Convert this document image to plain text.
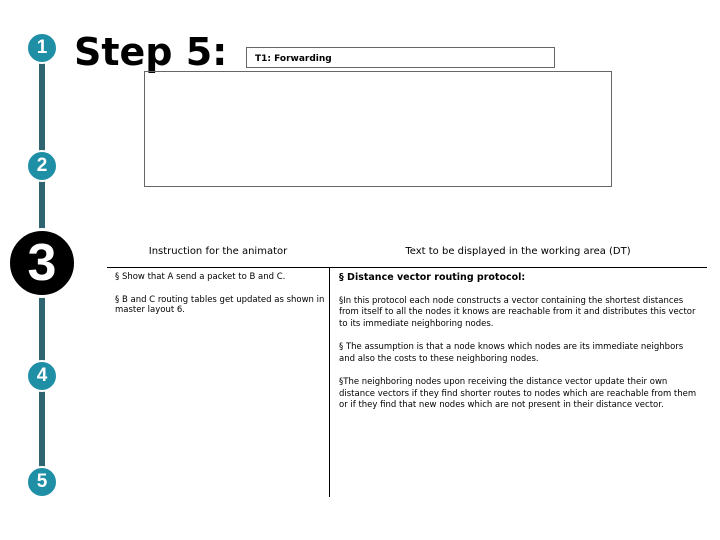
1
2
3
4
5
Step 5:	T1: Forwarding
Instruction for the animator	Text to be displayed in the working area (DT)
§ Show that A send a packet to B and C.
§ B and C routing tables get updated as shown in master layout 6.
§ Distance vector routing protocol:
§In this protocol each node constructs a vector containing the shortest distances from itself to all the nodes it knows are reachable from it and distributes this vector to its immediate neighboring nodes.
§ The assumption is that a node knows which nodes are its immediate neighbors and also the costs to these neighboring nodes.
§The neighboring nodes upon receiving the distance vector update their own distance vectors if they find shorter routes to nodes which are reachable from them or if they find that new nodes which are not present in their distance vector.
